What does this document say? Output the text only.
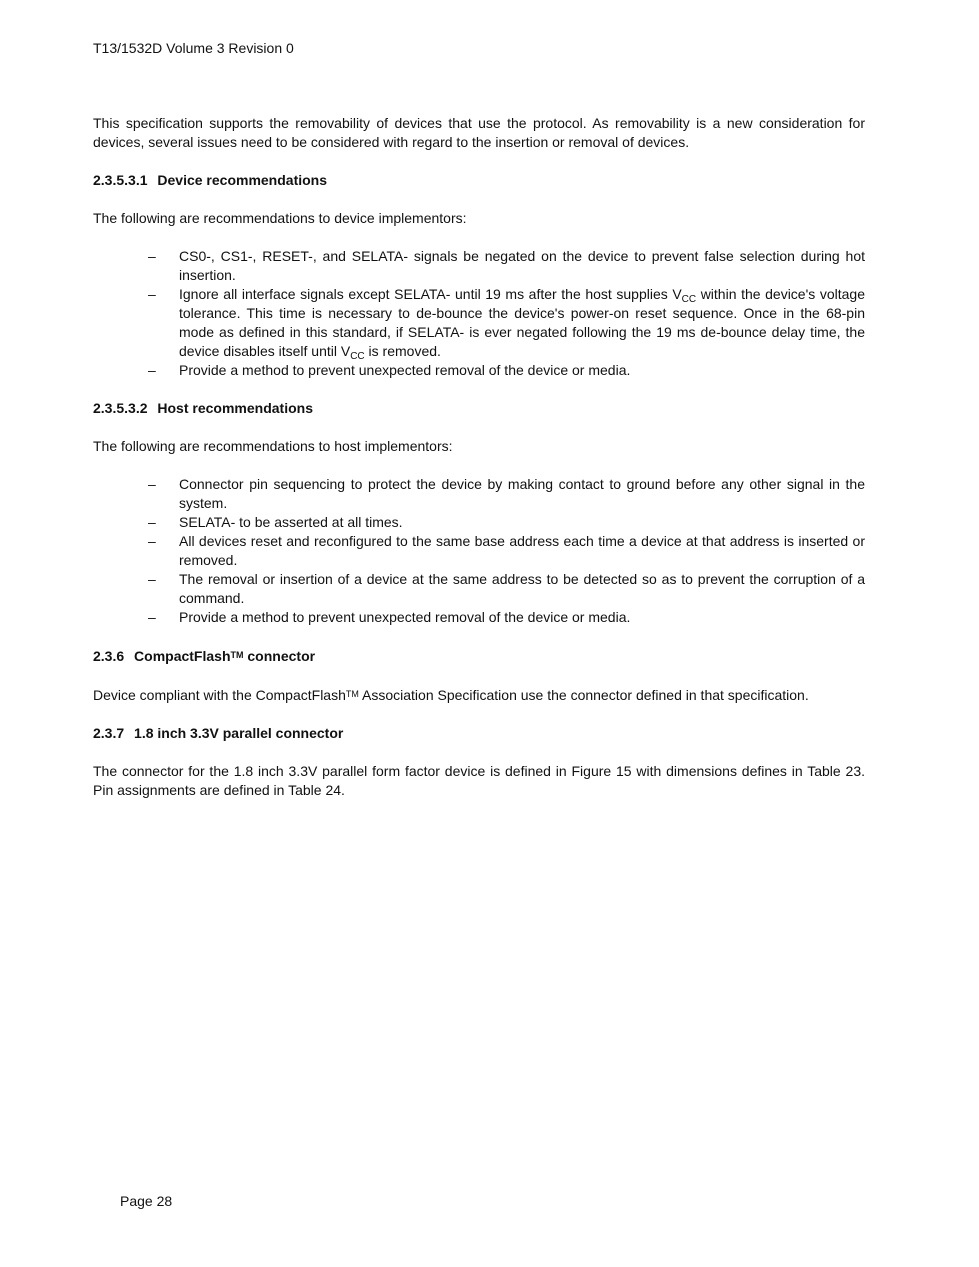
T13/1532D Volume 3 Revision 0

This specification supports the removability of devices that use the protocol. As removability is a new consideration for devices, several issues need to be considered with regard to the insertion or removal of devices.

2.3.5.3.1 Device recommendations

The following are recommendations to device implementors:

– CS0-, CS1-, RESET-, and SELATA- signals be negated on the device to prevent false selection during hot insertion.
– Ignore all interface signals except SELATA- until 19 ms after the host supplies $V_{CC}$ within the device's voltage tolerance. This time is necessary to de-bounce the device's power-on reset sequence. Once in the 68-pin mode as defined in this standard, if SELATA- is ever negated following the 19 ms de-bounce delay time, the device disables itself until $V_{CC}$ is removed.
– Provide a method to prevent unexpected removal of the device or media.

2.3.5.3.2 Host recommendations

The following are recommendations to host implementors:

– Connector pin sequencing to protect the device by making contact to ground before any other signal in the system.
– SELATA- to be asserted at all times.
– All devices reset and reconfigured to the same base address each time a device at that address is inserted or removed.
– The removal or insertion of a device at the same address to be detected so as to prevent the corruption of a command.
– Provide a method to prevent unexpected removal of the device or media.

2.3.6 CompactFlash™ connector

Device compliant with the CompactFlash™ Association Specification use the connector defined in that specification.

2.3.7 1.8 inch 3.3V parallel connector

The connector for the 1.8 inch 3.3V parallel form factor device is defined in Figure 15 with dimensions defines in Table 23. Pin assignments are defined in Table 24.

Page 28
